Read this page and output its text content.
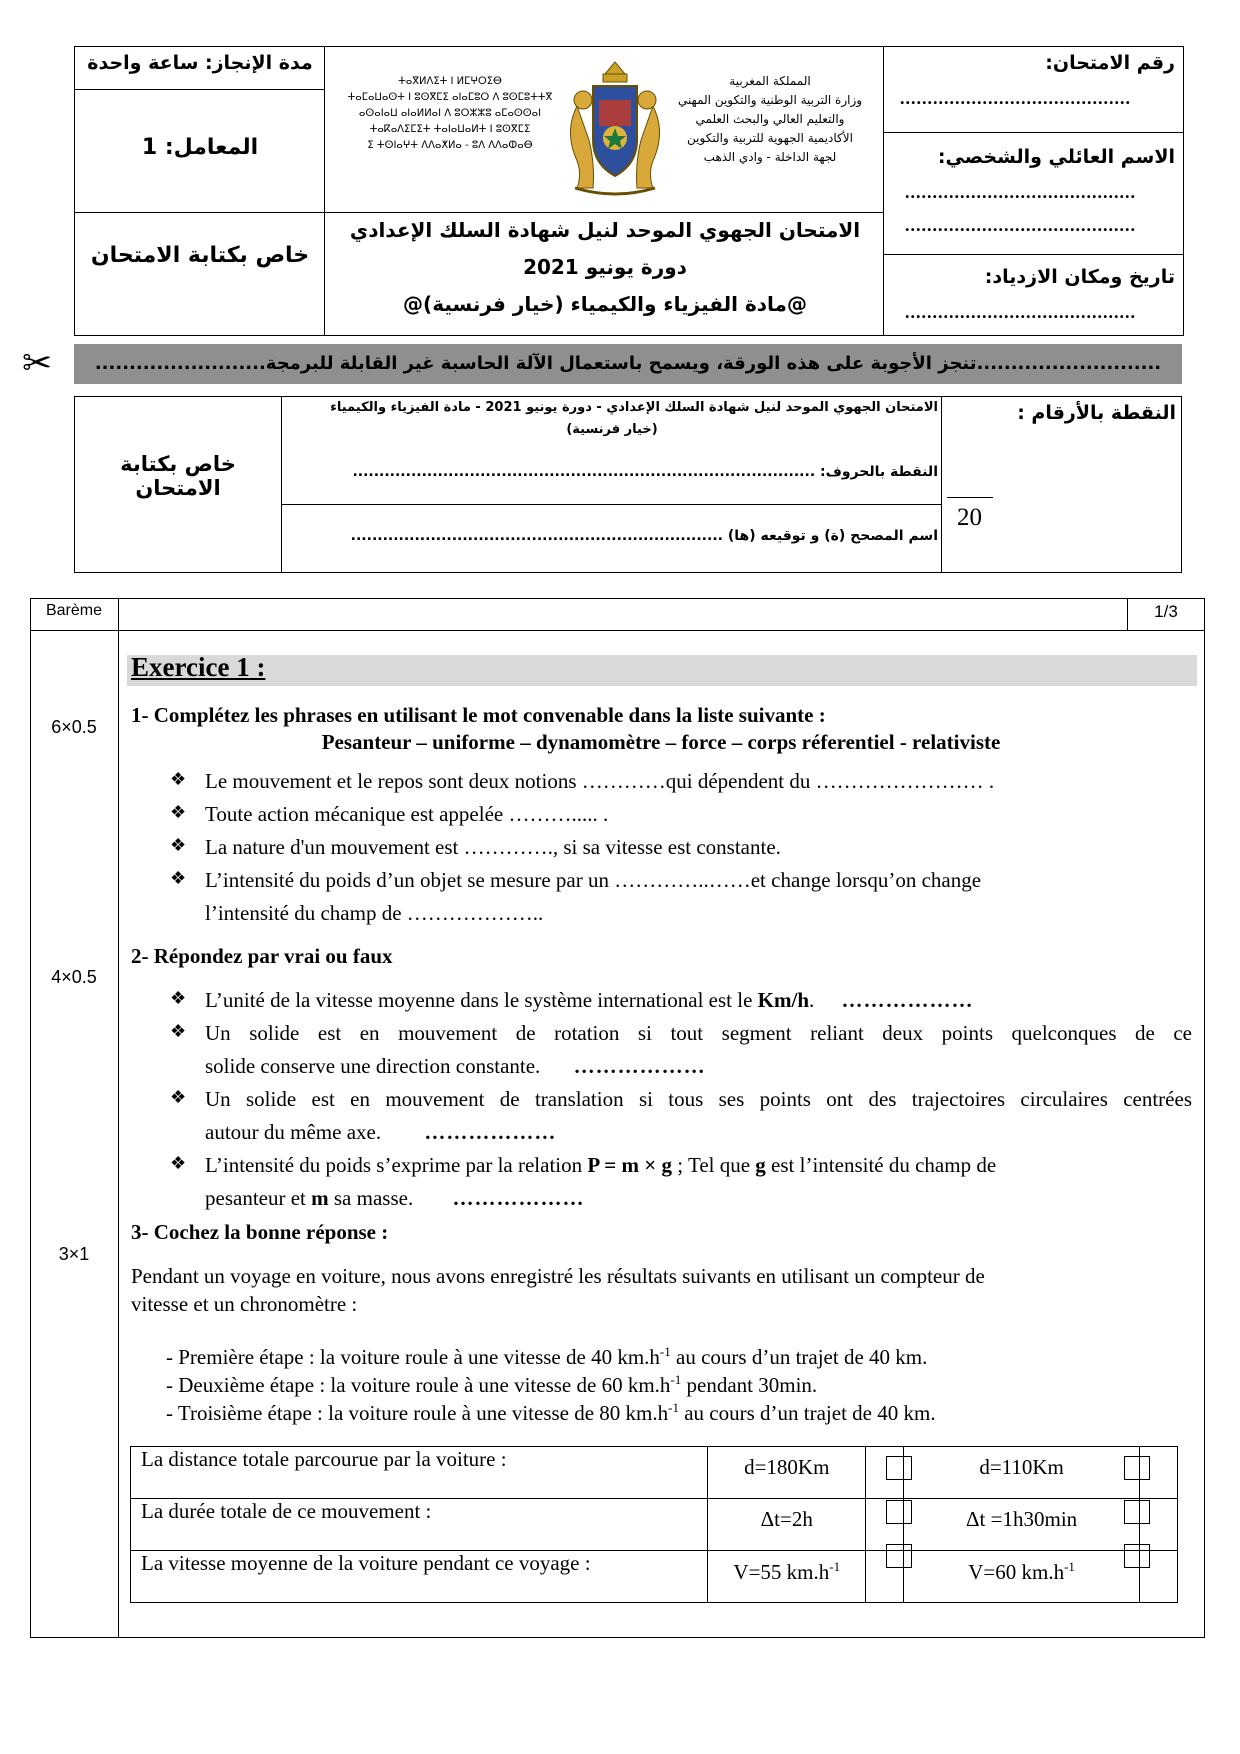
مدة الإنجاز: ساعة واحدة
المعامل: 1
خاص بكتابة الامتحان
رقم الامتحان:
..........................................
الاسم العائلي والشخصي:
..........................................
..........................................
تاريخ ومكان الازدياد:
..........................................
ⵜⴰⴳⵍⴷⵉⵜ ⵏ ⵍⵎⵖⵔⵉⴱ
ⵜⴰⵎⴰⵡⴰⵙⵜ ⵏ ⵓⵙⴳⵎⵉ ⴰⵏⴰⵎⵓⵔ ⴷ ⵓⵙⵎⵓⵜⵜⴳ
ⴰⵙⴰⵏⴰⵡ ⴰⵏⴰⵍⵍⴰⵏ ⴷ ⵓⵔⵣⵣⵓ ⴰⵎⴰⵙⵙⴰⵏ
ⵜⴰⴽⴰⴷⵉⵎⵉⵜ ⵜⴰⵏⴰⵡⴰⵍⵜ ⵏ ⵓⵙⴳⵎⵉ
ⵉ ⵜⵙⵏⴰⵖⵜ ⴷⴷⴰⵅⵍⴰ - ⵓⴷ ⴷⴷⴰⵀⴰⴱ
المملكة المغربية
وزارة التربية الوطنية والتكوين المهني
والتعليم العالي والبحث العلمي
الأكاديمية الجهوية للتربية والتكوين
لجهة الداخلة - وادي الذهب
الامتحان الجهوي الموحد لنيل شهادة السلك الإعدادي
دورة يونيو 2021
@مادة الفيزياء والكيمياء (خيار فرنسية)@
✂	...........................تنجز الأجوبة على هذه الورقة، ويسمح باستعمال الآلة الحاسبة غير القابلة للبرمجة.........................
خاص بكتابة الامتحان
الامتحان الجهوي الموحد لنيل شهادة السلك الإعدادي - دورة يونيو 2021 - مادة الفيزياء والكيمياء
(خيار فرنسية)
النقطة بالحروف: .......................................................................................
اسم المصحح (ة) و توقيعه (ها) ......................................................................
النقطة بالأرقام :
20
Barème	1/3
6×0.5
4×0.5
3×1
Exercice 1 :
1- Complétez les phrases en utilisant le mot convenable dans la liste suivante :
Pesanteur – uniforme – dynamomètre – force – corps réferentiel - relativiste
❖ Le mouvement et le repos sont deux notions …………qui dépendent du …………………… .
❖ Toute action mécanique est appelée ………..... .
❖ La nature d'un mouvement est …………., si sa vitesse est constante.
❖ L’intensité du poids d’un objet se mesure par un …………..……et change lorsqu’on change
l’intensité du champ de ………………..
2- Répondez par vrai ou faux
❖ L’unité de la vitesse moyenne dans le système international est le Km/h. ………………
❖ Un solide est en mouvement de rotation si tout segment reliant deux points quelconques de ce
solide conserve une direction constante. ………………
❖ Un solide est en mouvement de translation si tous ses points ont des trajectoires circulaires centrées
autour du même axe. ………………
❖ L’intensité du poids s’exprime par la relation P = m × g ; Tel que g est l’intensité du champ de
pesanteur et m sa masse. ………………
3- Cochez la bonne réponse :
Pendant un voyage en voiture, nous avons enregistré les résultats suivants en utilisant un compteur de
vitesse et un chronomètre :
- Première étape : la voiture roule à une vitesse de 40 $km.h^{-1}$ au cours d’un trajet de 40 km.
- Deuxième étape : la voiture roule à une vitesse de 60 $km.h^{-1}$ pendant 30min.
- Troisième étape : la voiture roule à une vitesse de 80 $km.h^{-1}$ au cours d’un trajet de 40 km.
La distance totale parcourue par la voiture :	d=180Km		d=110Km	
La durée totale de ce mouvement :	Δt=2h		Δt =1h30min	
La vitesse moyenne de la voiture pendant ce voyage :	V=55 $km.h^{-1}$		V=60 $km.h^{-1}$	
